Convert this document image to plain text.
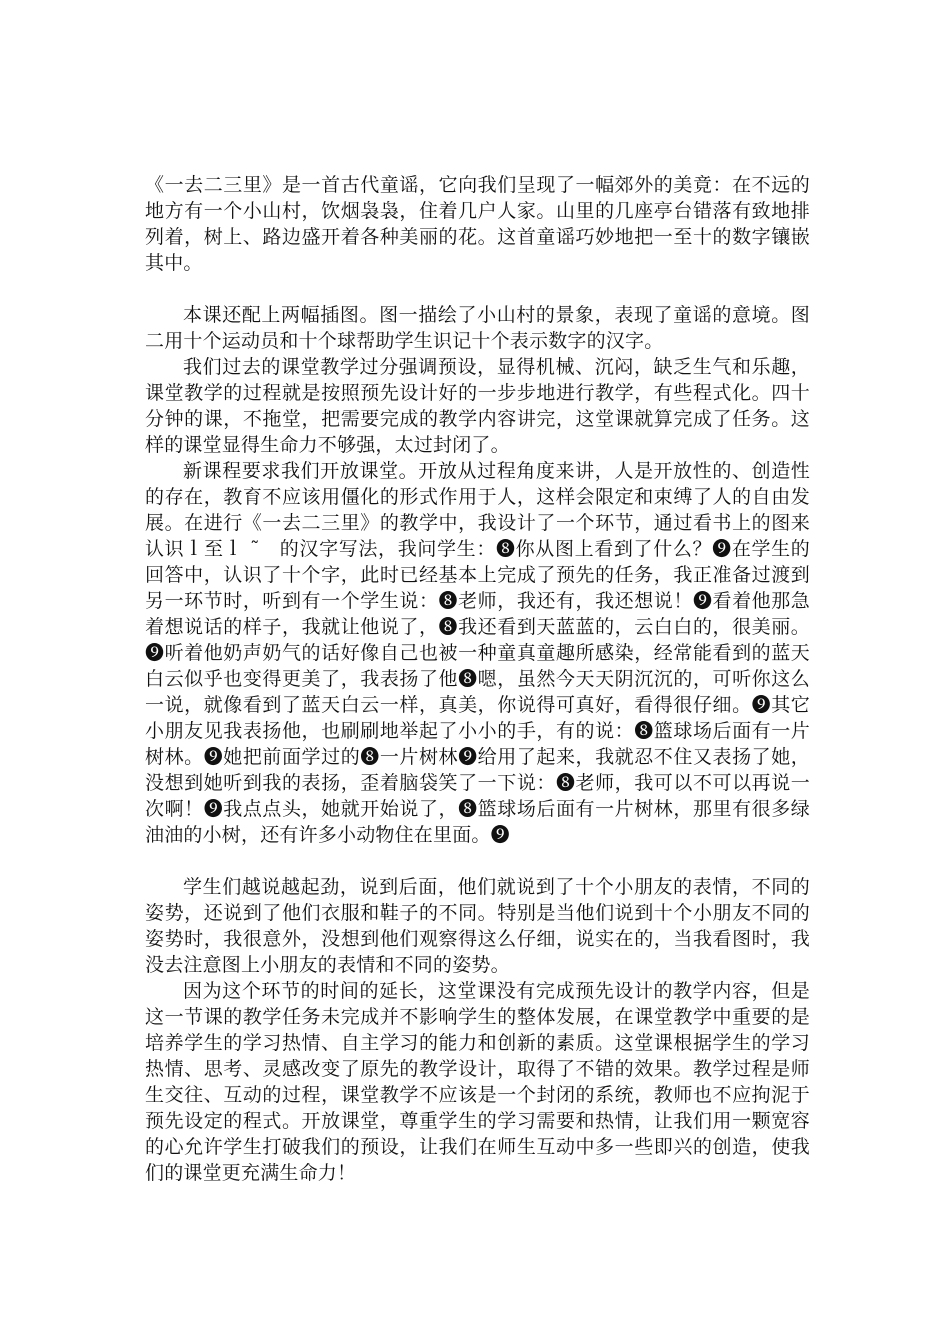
《一去二三里》是一首古代童谣，它向我们呈现了一幅郊外的美竟：在不远的地方有一个小山村，饮烟袅袅，住着几户人家。山里的几座亭台错落有致地排列着，树上、路边盛开着各种美丽的花。这首童谣巧妙地把一至十的数字镶嵌其中。

本课还配上两幅插图。图一描绘了小山村的景象，表现了童谣的意境。图二用十个运动员和十个球帮助学生识记十个表示数字的汉字。

我们过去的课堂教学过分强调预设，显得机械、沉闷，缺乏生气和乐趣，课堂教学的过程就是按照预先设计好的一步步地进行教学，有些程式化。四十分钟的课，不拖堂，把需要完成的教学内容讲完，这堂课就算完成了任务。这样的课堂显得生命力不够强，太过封闭了。

新课程要求我们开放课堂。开放从过程角度来讲，人是开放性的、创造性的存在，教育不应该用僵化的形式作用于人，这样会限定和束缚了人的自由发展。在进行《一去二三里》的教学中，我设计了一个环节，通过看书上的图来认识ｌ至ｌ ˜　的汉字写法，我问学生：❽你从图上看到了什么？❾在学生的回答中，认识了十个字，此时已经基本上完成了预先的任务，我正准备过渡到另一环节时，听到有一个学生说：❽老师，我还有，我还想说！❾看着他那急着想说话的样子，我就让他说了，❽我还看到天蓝蓝的，云白白的，很美丽。❾听着他奶声奶气的话好像自己也被一种童真童趣所感染，经常能看到的蓝天白云似乎也变得更美了，我表扬了他❽嗯，虽然今天天阴沉沉的，可听你这么一说，就像看到了蓝天白云一样，真美，你说得可真好，看得很仔细。❾其它小朋友见我表扬他，也刷刷地举起了小小的手，有的说：❽篮球场后面有一片树林。❾她把前面学过的❽一片树林❾给用了起来，我就忍不住又表扬了她，没想到她听到我的表扬，歪着脑袋笑了一下说：❽老师，我可以不可以再说一次啊！❾我点点头，她就开始说了，❽篮球场后面有一片树林，那里有很多绿油油的小树，还有许多小动物住在里面。❾

学生们越说越起劲，说到后面，他们就说到了十个小朋友的表情，不同的姿势，还说到了他们衣服和鞋子的不同。特别是当他们说到十个小朋友不同的姿势时，我很意外，没想到他们观察得这么仔细，说实在的，当我看图时，我没去注意图上小朋友的表情和不同的姿势。

因为这个环节的时间的延长，这堂课没有完成预先设计的教学内容，但是这一节课的教学任务未完成并不影响学生的整体发展，在课堂教学中重要的是培养学生的学习热情、自主学习的能力和创新的素质。这堂课根据学生的学习热情、思考、灵感改变了原先的教学设计，取得了不错的效果。教学过程是师生交往、互动的过程，课堂教学不应该是一个封闭的系统，教师也不应拘泥于预先设定的程式。开放课堂，尊重学生的学习需要和热情，让我们用一颗宽容的心允许学生打破我们的预设，让我们在师生互动中多一些即兴的创造，使我们的课堂更充满生命力！
